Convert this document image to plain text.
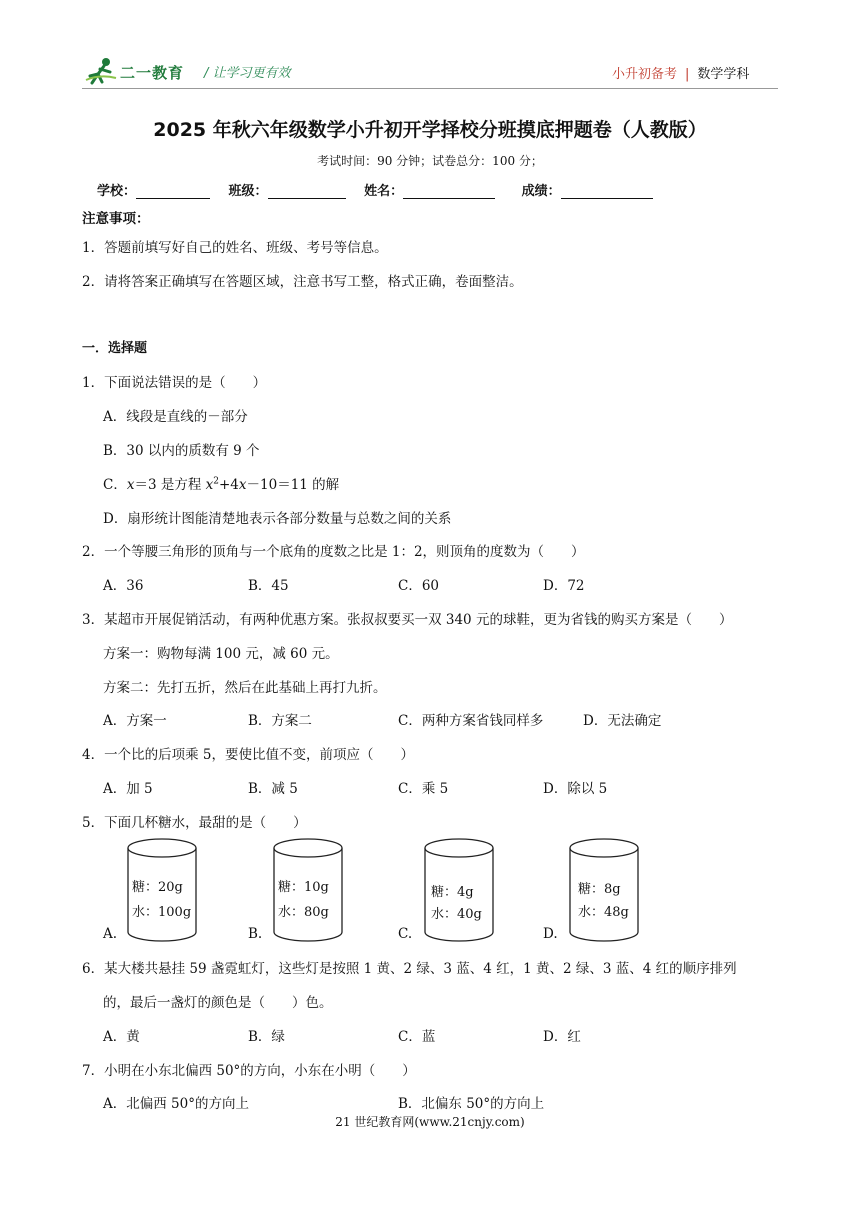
二一教育 / 让学习更有效	小升初备考 | 数学学科
2025 年秋六年级数学小升初开学择校分班摸底押题卷（人教版）
考试时间：90 分钟；试卷总分：100 分；
学校：	班级：	姓名：	成绩：
注意事项：
1．答题前填写好自己的姓名、班级、考号等信息。
2．请将答案正确填写在答题区域，注意书写工整，格式正确，卷面整洁。
一．选择题
1．下面说法错误的是（　　）
A．线段是直线的－部分
B．30 以内的质数有 9 个
C．x＝3 是方程 $x^2+4x-10=11$ 的解
D．扇形统计图能清楚地表示各部分数量与总数之间的关系
2．一个等腰三角形的顶角与一个底角的度数之比是 1：2，则顶角的度数为（　　）
A．36	B．45	C．60	D．72
3．某超市开展促销活动，有两种优惠方案。张叔叔要买一双 340 元的球鞋，更为省钱的购买方案是（　　）
方案一：购物每满 100 元，减 60 元。
方案二：先打五折，然后在此基础上再打九折。
A．方案一	B．方案二	C．两种方案省钱同样多	D．无法确定
4．一个比的后项乘 5，要使比值不变，前项应（　　）
A．加 5	B．减 5	C．乘 5	D．除以 5
5．下面几杯糖水，最甜的是（　　）
A.	B.	C.	D.
糖：20g
水：100g
糖：10g
水：80g
糖：4g
水：40g
糖：8g
水：48g
6．某大楼共悬挂 59 盏霓虹灯，这些灯是按照 1 黄、2 绿、3 蓝、4 红，1 黄、2 绿、3 蓝、4 红的顺序排列
的，最后一盏灯的颜色是（　　）色。
A．黄	B．绿	C．蓝	D．红
7．小明在小东北偏西 50°的方向，小东在小明（　　）
A．北偏西 50°的方向上	B．北偏东 50°的方向上
21 世纪教育网(www.21cnjy.com)
